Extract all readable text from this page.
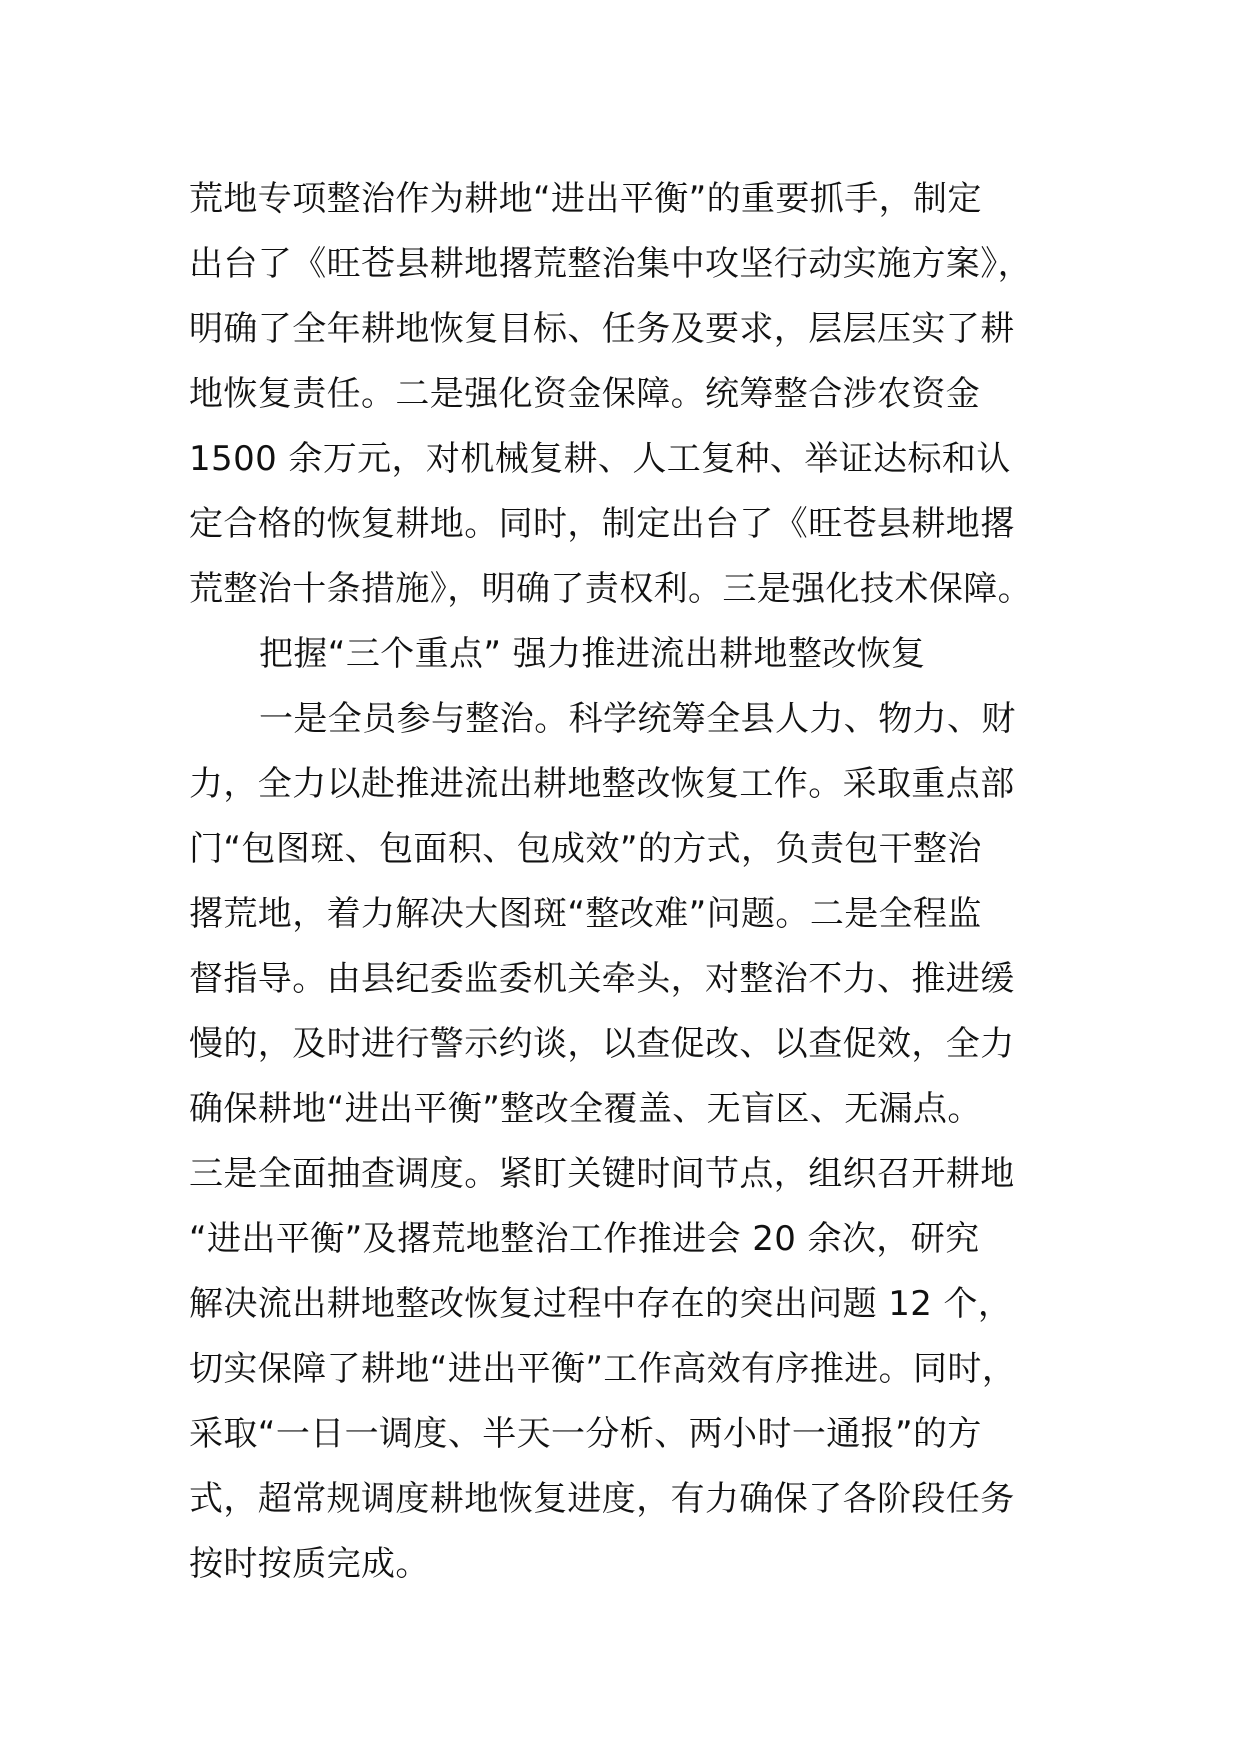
荒地专项整治作为耕地“进出平衡”的重要抓手，制定
出台了《旺苍县耕地撂荒整治集中攻坚行动实施方案》，
明确了全年耕地恢复目标、任务及要求，层层压实了耕
地恢复责任。二是强化资金保障。统筹整合涉农资金
1500 余万元，对机械复耕、人工复种、举证达标和认
定合格的恢复耕地。同时，制定出台了《旺苍县耕地撂
荒整治十条措施》，明确了责权利。三是强化技术保障。
把握“三个重点” 强力推进流出耕地整改恢复
一是全员参与整治。科学统筹全县人力、物力、财
力，全力以赴推进流出耕地整改恢复工作。采取重点部
门“包图斑、包面积、包成效”的方式，负责包干整治
撂荒地，着力解决大图斑“整改难”问题。二是全程监
督指导。由县纪委监委机关牵头，对整治不力、推进缓
慢的，及时进行警示约谈，以查促改、以查促效，全力
确保耕地“进出平衡”整改全覆盖、无盲区、无漏点。
三是全面抽查调度。紧盯关键时间节点，组织召开耕地
“进出平衡”及撂荒地整治工作推进会 20 余次，研究
解决流出耕地整改恢复过程中存在的突出问题 12 个，
切实保障了耕地“进出平衡”工作高效有序推进。同时，
采取“一日一调度、半天一分析、两小时一通报”的方
式，超常规调度耕地恢复进度，有力确保了各阶段任务
按时按质完成。
